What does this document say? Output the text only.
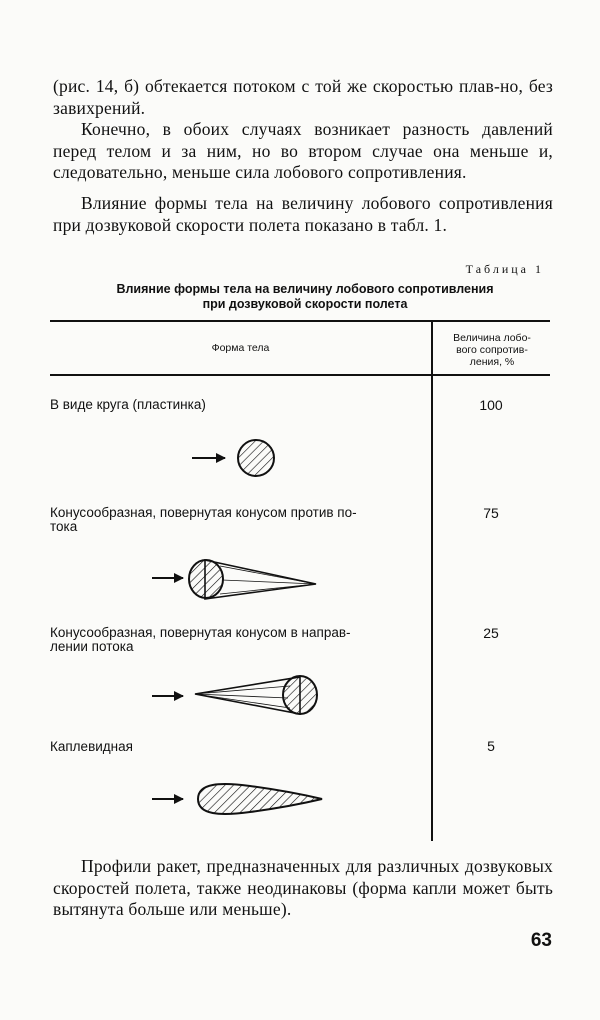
(рис. 14, б) обтекается потоком с той же скоростью плав-но, без завихрений.
Конечно, в обоих случаях возникает разность давлений перед телом и за ним, но во втором случае она меньше и, следовательно, меньше сила лобового сопротивления.
Влияние формы тела на величину лобового сопротивления при дозвуковой скорости полета показано в табл. 1.
Таблица 1
Влияние формы тела на величину лобового сопротивления
при дозвуковой скорости полета
Форма тела
Величина лобо-
вого сопротив-
ления, %
В виде круга (пластинка)	100
Конусообразная, повернутая конусом против по-
тока
75
Конусообразная, повернутая конусом в направ-
лении потока
25
Каплевидная	5
Профили ракет, предназначенных для различных дозвуковых скоростей полета, также неодинаковы (форма капли может быть вытянута больше или меньше).
63
